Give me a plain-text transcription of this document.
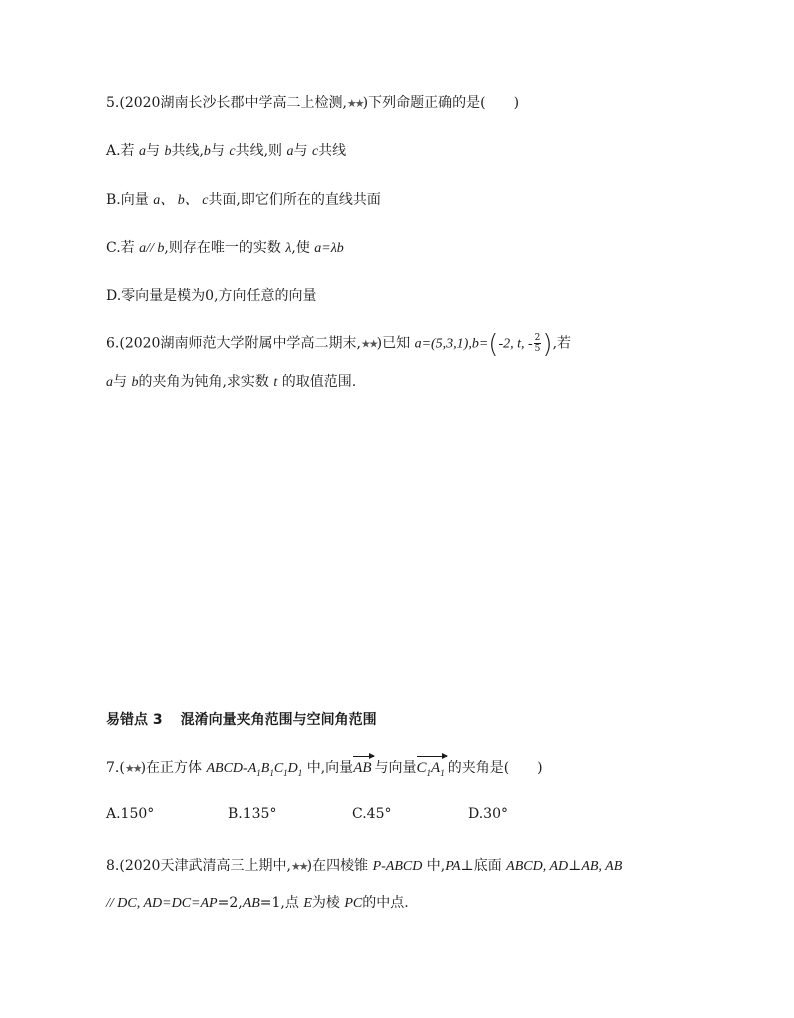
5.(2020湖南长沙长郡中学高二上检测,★★)下列命题正确的是(　　)
A.若 a与 b共线,b与 c共线,则 a与 c共线
B.向量 a、 b、 c共面,即它们所在的直线共面
C.若 a// b,则存在唯一的实数 λ,使 a=λb
D.零向量是模为0,方向任意的向量
6.(2020湖南师范大学附属中学高二期末,★★)已知 a=(5,3,1),b=(-2, t, - $\frac{2}{5}$ ),若
a与 b的夹角为钝角,求实数 t 的取值范围.
易错点 3 混淆向量夹角范围与空间角范围
7.(★★)在正方体 ABCD-$A_1B_1C_1D_1$ 中,向量AB 与向量$C_1A_1$ 的夹角是(　　)
A.150°	B.135°	C.45°	D.30°
8.(2020天津武清高三上期中,★★)在四棱锥 P-ABCD 中,PA⊥底面 ABCD, AD⊥AB, AB
// DC, AD=DC=AP=2,AB=1,点 E为棱 PC的中点.
